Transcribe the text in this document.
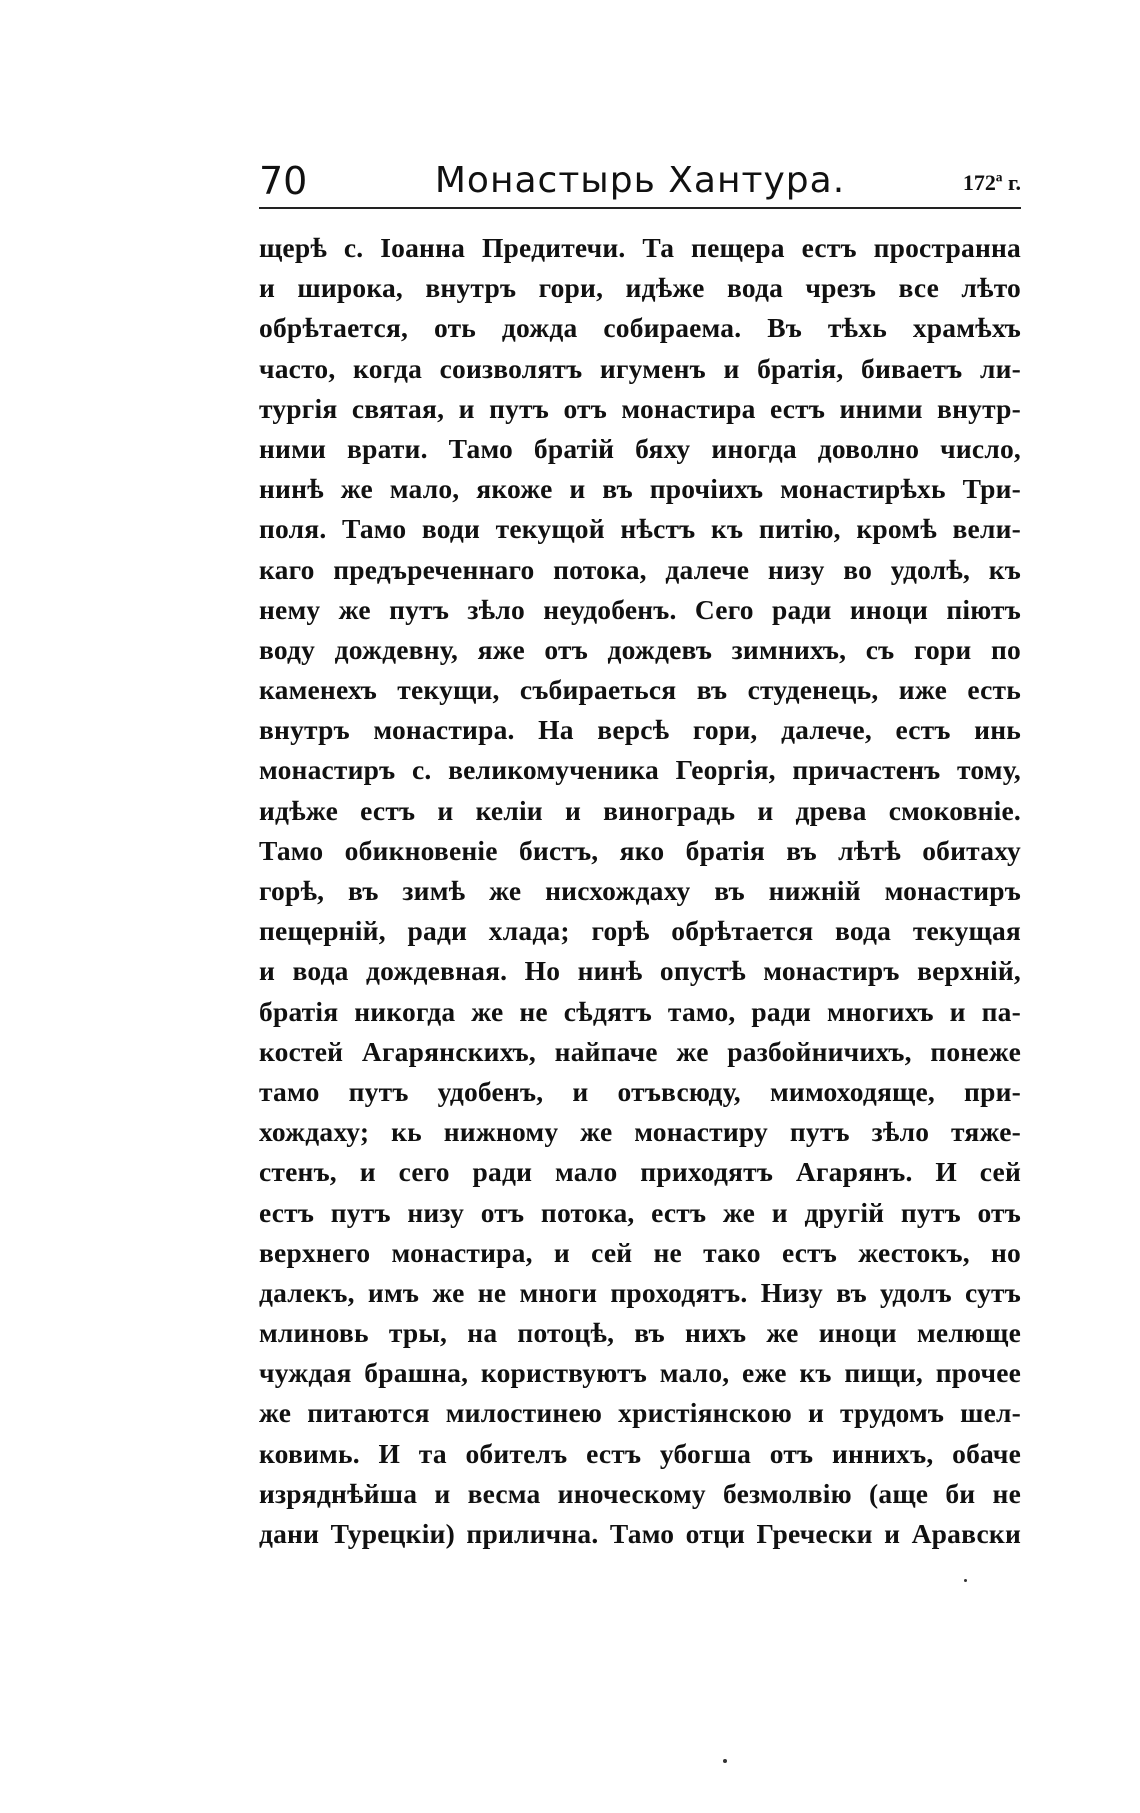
70	Монастырь Хантура.	172ª г.
щерѣ с. Іоанна Предитечи. Та пещера естъ пространна
и широка, внутръ гори, идѣже вода чрезъ все лѣто
обрѣтается, оть дожда собираема. Въ тѣхь храмѣхъ
часто, когда соизволятъ игуменъ и братія, биваетъ ли-
тургія святая, и путъ отъ монастира естъ иними внутр-
ними врати. Тамо братій бяху иногда доволно число,
нинѣ же мало, якоже и въ прочіихъ монастирѣхь Три-
поля. Тамо води текущой нѣстъ къ питію, кромѣ вели-
каго предъреченнаго потока, далече низу во удолѣ, къ
нему же путъ зѣло неудобенъ. Сего ради иноци піютъ
воду дождевну, яже отъ дождевъ зимнихъ, съ гори по
каменехъ текущи, събираеться въ студенець, иже есть
внутръ монастира. На версѣ гори, далече, естъ инь
монастиръ с. великомученика Георгія, причастенъ тому,
идѣже естъ и келіи и виноградь и древа смоковніе.
Тамо обикновеніе бистъ, яко братія въ лѣтѣ обитаху
горѣ, въ зимѣ же нисхождаху въ нижній монастиръ
пещерній, ради хлада; горѣ обрѣтается вода текущая
и вода дождевная. Но нинѣ опустѣ монастиръ верхній,
братія никогда же не сѣдятъ тамо, ради многихъ и па-
костей Агарянскихъ, найпаче же разбойничихъ, понеже
тамо путъ удобенъ, и отъвсюду, мимоходяще, при-
хождаху; кь нижному же монастиру путъ зѣло тяже-
стенъ, и сего ради мало приходятъ Агарянъ. И сей
естъ путъ низу отъ потока, естъ же и другій путъ отъ
верхнего монастира, и сей не тако естъ жестокъ, но
далекъ, имъ же не многи проходятъ. Низу въ удолъ сутъ
млиновь тры, на потоцѣ, въ нихъ же иноци мелюще
чуждая брашна, користвуютъ мало, еже къ пищи, прочее
же питаются милостинею христіянскою и трудомъ шел-
ковимь. И та обителъ естъ убогша отъ инниxъ, обаче
изряднѣйша и весма иноческому безмолвію (аще би не
дани Турецкіи) прилична. Тамо отци Гречески и Аравски
